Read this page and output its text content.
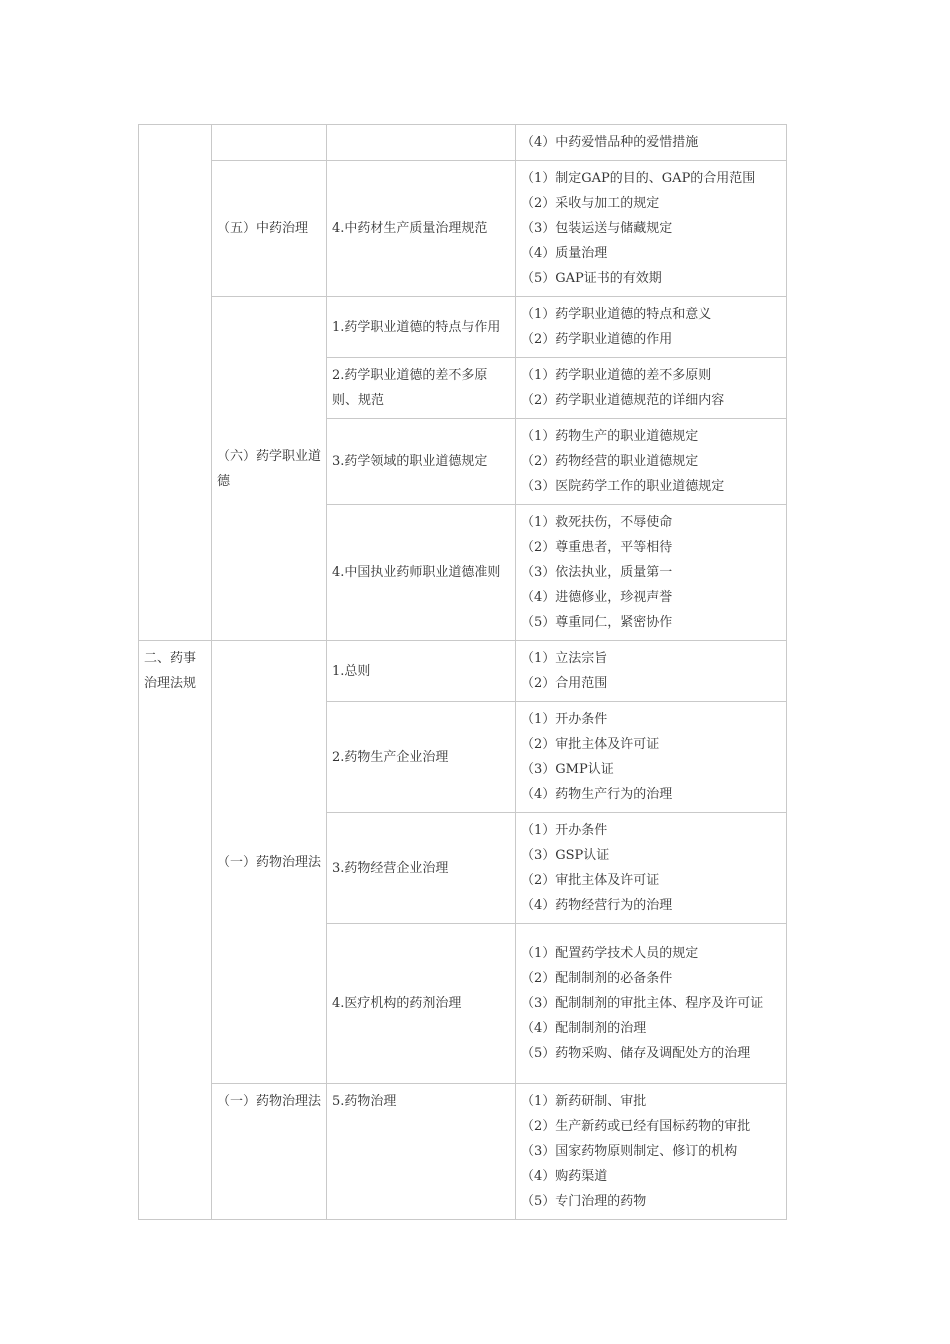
			（4）中药爱惜品种的爱惜措施

	（五）中药治理	4.中药材生产质量治理规范	（1）制定GAP的目的、GAP的合用范围
（2）采收与加工的规定
（3）包装运送与储藏规定
（4）质量治理
（5）GAP证书的有效期

	（六）药学职业道德	1.药学职业道德的特点与作用	（1）药学职业道德的特点和意义
（2）药学职业道德的作用

		2.药学职业道德的差不多原则、规范	（1）药学职业道德的差不多原则
（2）药学职业道德规范的详细内容

		3.药学领域的职业道德规定	（1）药物生产的职业道德规定
（2）药物经营的职业道德规定
（3）医院药学工作的职业道德规定

		4.中国执业药师职业道德准则	（1）救死扶伤，不辱使命
（2）尊重患者，平等相待
（3）依法执业，质量第一
（4）进德修业，珍视声誉
（5）尊重同仁，紧密协作

二、药事治理法规	（一）药物治理法	1.总则	（1）立法宗旨
（2）合用范围

		2.药物生产企业治理	（1）开办条件
（2）审批主体及许可证
（3）GMP认证
（4）药物生产行为的治理

		3.药物经营企业治理	（1）开办条件
（3）GSP认证
（2）审批主体及许可证
（4）药物经营行为的治理

		4.医疗机构的药剂治理	（1）配置药学技术人员的规定
（2）配制制剂的必备条件
（3）配制制剂的审批主体、程序及许可证
（4）配制制剂的治理
（5）药物采购、储存及调配处方的治理

	（一）药物治理法	5.药物治理	（1）新药研制、审批
（2）生产新药或已经有国标药物的审批
（3）国家药物原则制定、修订的机构
（4）购药渠道
（5）专门治理的药物
